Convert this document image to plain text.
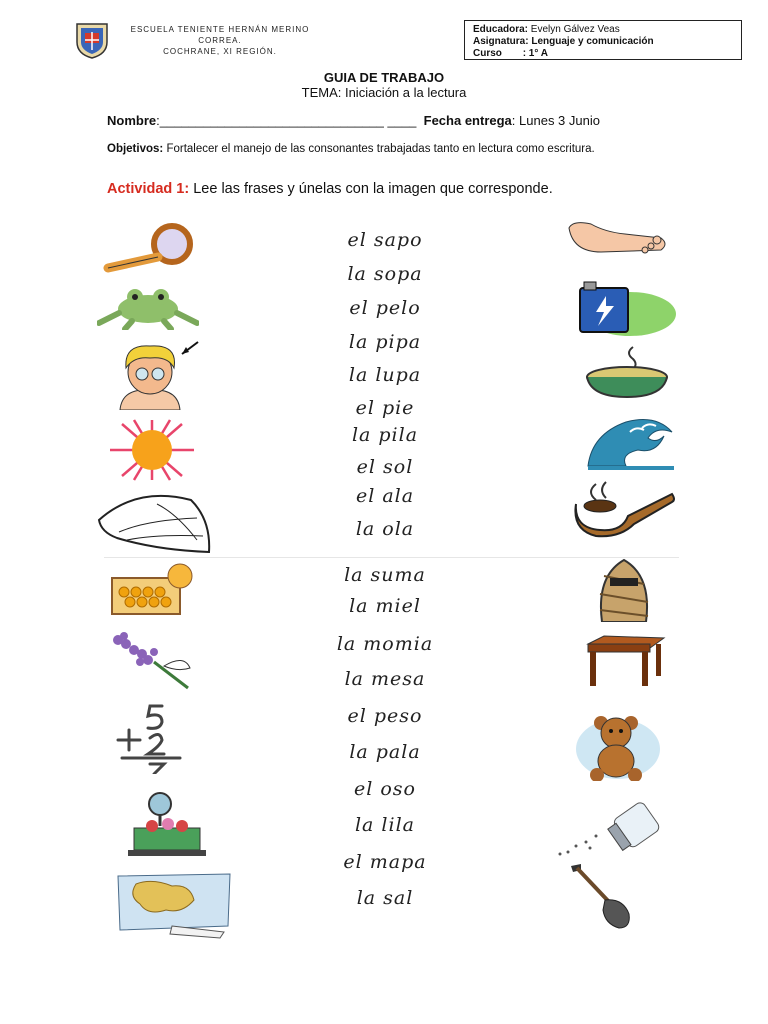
ESCUELA TENIENTE HERNÁN MERINO
CORREA.
COCHRANE, XI REGIÓN.
Educadora: Evelyn Gálvez Veas
Asignatura: Lenguaje y comunicación
Curso : 1° A
GUIA DE TRABAJO
TEMA: Iniciación a la lectura
Nombre:_______________________________ ____ Fecha entrega: Lunes 3 Junio
Objetivos: Fortalecer el manejo de las consonantes trabajadas tanto en lectura como escritura.
Actividad 1: Lee las frases y únelas con la imagen que corresponde.
el sapo
la sopa
el pelo
la pipa
la lupa
el pie
la pila
el sol
el ala
la ola
la suma
la miel
la momia
la mesa
el peso
la pala
el oso
la lila
el mapa
la sal
